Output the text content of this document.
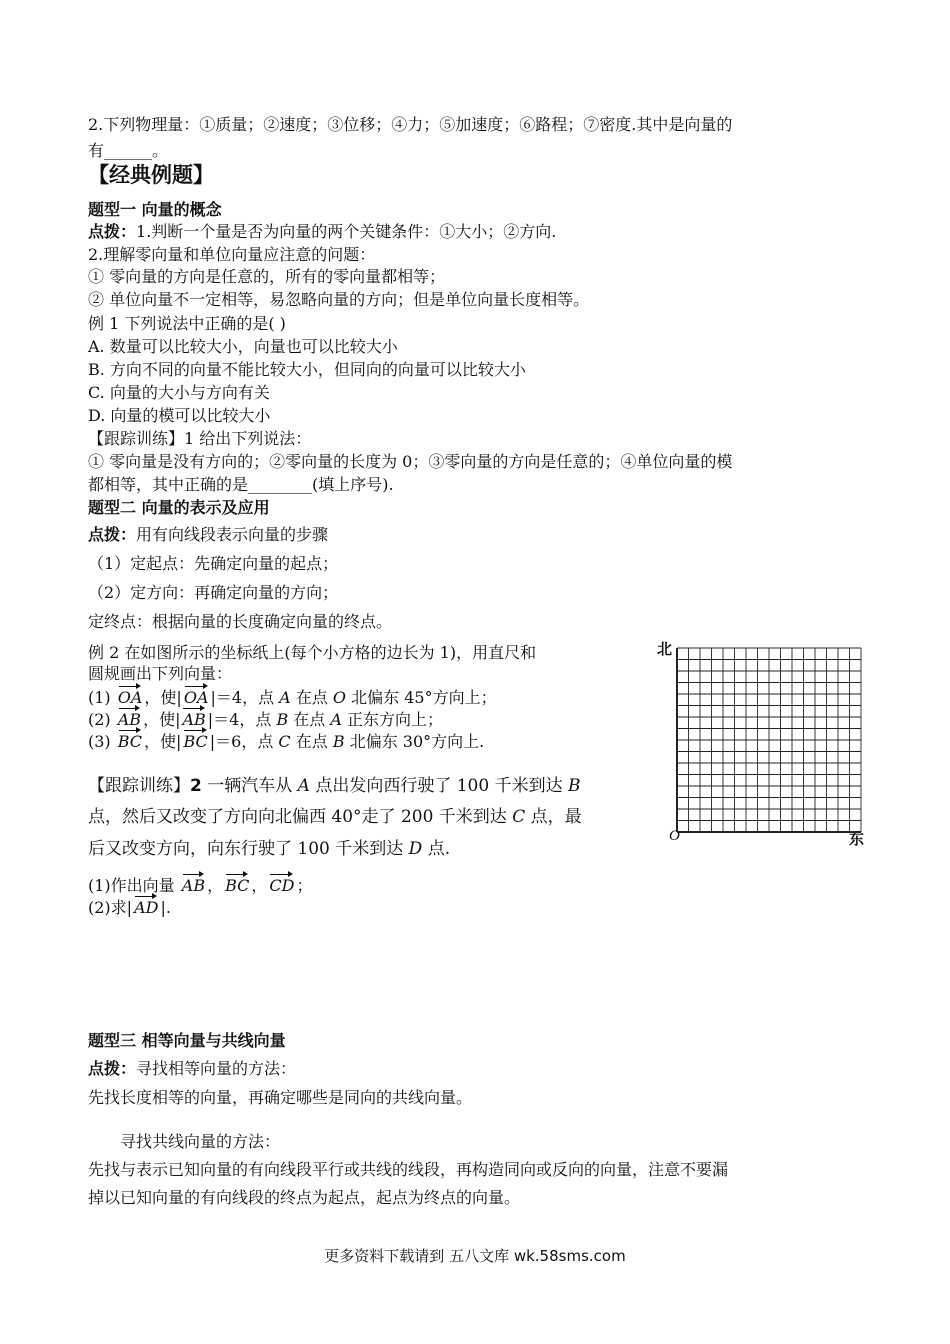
2.下列物理量：①质量；②速度；③位移；④力；⑤加速度；⑥路程；⑦密度.其中是向量的
有______。
【经典例题】
题型一 向量的概念
点拨：1.判断一个量是否为向量的两个关键条件：①大小；②方向.
2.理解零向量和单位向量应注意的问题：
① 零向量的方向是任意的，所有的零向量都相等；
② 单位向量不一定相等，易忽略向量的方向；但是单位向量长度相等。
例 1 下列说法中正确的是( )
A. 数量可以比较大小，向量也可以比较大小
B. 方向不同的向量不能比较大小，但同向的向量可以比较大小
C. 向量的大小与方向有关
D. 向量的模可以比较大小
【跟踪训练】1 给出下列说法：
① 零向量是没有方向的；②零向量的长度为 0；③零向量的方向是任意的；④单位向量的模
都相等，其中正确的是________(填上序号).
题型二 向量的表示及应用
点拨：用有向线段表示向量的步骤
（1）定起点：先确定向量的起点；
（2）定方向：再确定向量的方向；
定终点：根据向量的长度确定向量的终点。
例 2 在如图所示的坐标纸上(每个小方格的边长为 1)，用直尺和
圆规画出下列向量：
(1) OA ，使| OA |＝4，点 A 在点 O 北偏东 45°方向上；
(2) AB ，使| AB |＝4，点 B 在点 A 正东方向上；
(3) BC ，使| BC |＝6，点 C 在点 B 北偏东 30°方向上.
【跟踪训练】2 一辆汽车从 A 点出发向西行驶了 100 千米到达 B
点，然后又改变了方向向北偏西 40°走了 200 千米到达 C 点，最
后又改变方向，向东行驶了 100 千米到达 D 点.
(1)作出向量 AB ， BC ， CD ；
(2)求| AD |.
北
O	东
题型三 相等向量与共线向量
点拨：寻找相等向量的方法：
先找长度相等的向量，再确定哪些是同向的共线向量。
寻找共线向量的方法：
先找与表示已知向量的有向线段平行或共线的线段，再构造同向或反向的向量，注意不要漏
掉以已知向量的有向线段的终点为起点，起点为终点的向量。
更多资料下载请到 五八文库 wk.58sms.com
